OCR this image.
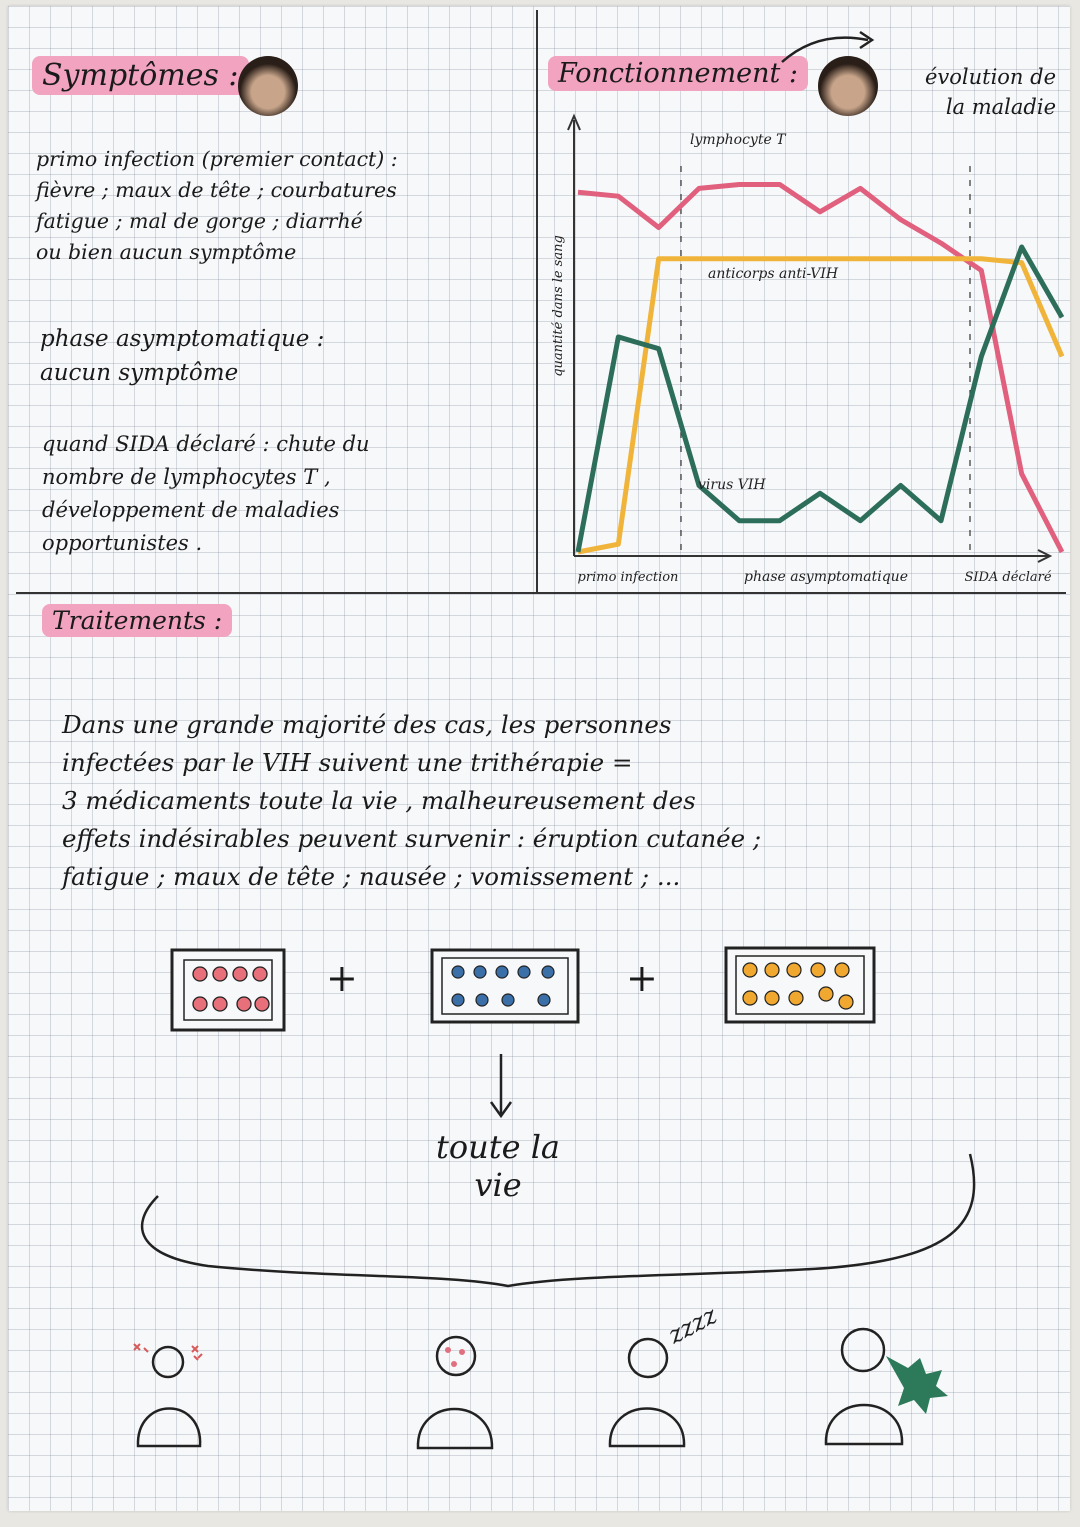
Symptômes :
primo infection (premier contact) :
fièvre ; maux de tête ; courbatures
fatigue ; mal de gorge ; diarrhé
ou bien aucun symptôme
phase asymptomatique :
aucun symptôme
quand SIDA déclaré : chute du
nombre de lymphocytes T ,
développement de maladies
opportunistes .
Fonctionnement :	évolution de
la maladie
quantité dans le sang
lymphocyte T
anticorps anti-VIH
virus VIH
primo infection	phase asymptomatique	SIDA déclaré
Traitements :
Dans une grande majorité des cas, les personnes
infectées par le VIH suivent une trithérapie =
3 médicaments toute la vie , malheureusement des
effets indésirables peuvent survenir : éruption cutanée ;
fatigue ; maux de tête ; nausée ; vomissement ; ...
+	+
toute la
vie
zzzz
